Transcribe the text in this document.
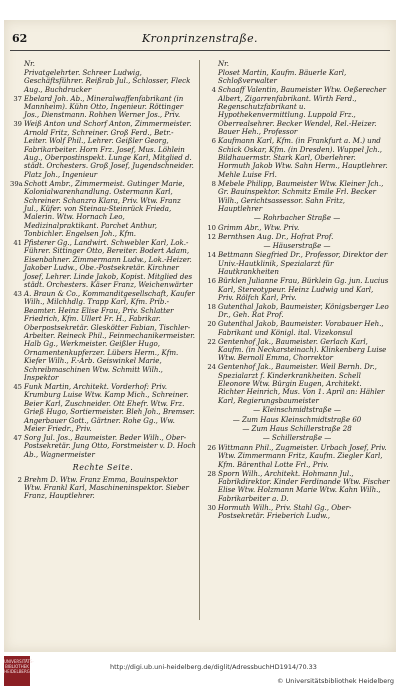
62	Kronprinzenstraße.
Nr.
Privatgelehrter. Schreer Ludwig, Geschäftsführer. Reißrab Jul., Schlosser, Fleck Aug., Buchdrucker
37 Ebelard Joh. Ab., Mineralwaffenfabrikant (in Mannheim). Kühn Otto, Ingenieur. Röttinger Jos., Dienstmann. Rohhen Werner Jos., Priv.
39 Weiß Anton und Schorf Anton, Zimmermeister. Arnold Fritz, Schreiner. Groß Ferd., Betr.-Leiter. Wolf Phil., Lehrer. Geißler Georg, Fabrikarbeiter. Horn Frz. Josef, Mus. Löhlein Aug., Oberpostinspekt. Lunge Karl, Mitglied d. städt. Orchesters. Groß Josef, Jugendschneider. Platz Joh., Ingenieur
39a Schott Ambr., Zimmermeist. Gutinger Marie, Kolonialwarenhandlung. Ostermann Karl, Schreiner. Schanzro Klara, Priv. Wtw. Franz Jul., Küfer. von Steinau-Steinrück Frieda, Malerin. Wtw. Hornach Leo, Medizinalpraktikant. Parchet Anthur, Tonbichler. Engelsen Joh., Kfm.
41 Pfisterer Gg., Landwirt. Schwebler Karl, Lok.-Führer. Sittinger Otto, Bereiter. Bodert Adam, Eisenbahner. Zimmermann Ludw., Lok.-Heizer. Jakober Ludw., Obe.-Postsekretär. Kirchner Josef, Lehrer. Linde Jakob, Kopist. Mitglied des städt. Orchesters. Käser Franz, Weichenwärter
43 A. Braun & Co., Kommanditgesellschaft, Kaufer Wilh., Milchhdlg. Trapp Karl, Kfm. Prib.-Beamter. Heinz Elise Frau, Priv. Schlatter Friedrich, Kfm. Ullert Fr. H., Fabrikar. Oberpostsekretär. Gleskötter Fabian, Tischler-Arbeiter. Reineck Phil., Feinmechanikermeister. Halb Gg., Werkmeister. Geißler Hugo, Ornamentenkupferzer. Lübers Herm., Kfm. Kiefer Wilh., F.-Arb. Geiswinkel Marie, Schreibmaschinen Wtw. Schmitt Wilh., Inspektor
45 Funk Martin, Architekt. Vorderhof: Priv. Krumburg Luise Wtw. Kamp Mich., Schreiner. Beier Karl, Zuschneider. Ott Ehefr. Wtw. Frz. Grieß Hugo, Sortiermeister. Bleh Joh., Bremser. Angerbauer Gott., Gärtner. Rohe Gg., Ww. Meier Friedr., Priv.
47 Sorg Jul. Jos., Baumeister. Beder Wilh., Ober-Postsekretär. Jung Otto, Forstmeister v. D. Hoch Ab., Wagnermeister
Rechte Seite.
2 Brehm D. Wtw. Franz Emma, Bauinspektor Wtw. Frankl Karl, Maschineninspektor. Sieber Franz, Hauptlehrer.
Nr.
Ploset Martin, Kaufm. Bäuerle Karl, Schloßverwalter
4 Schaaff Valentin, Baumeister Wtw. Oeßerecher Albert, Zigarrenfabrikant. Wirth Ferd., Regenschutzfabrikant u. Hypothekenvermittlung. Luppold Frz., Oberrealsehrer. Becker Wendel, Rel.-Heizer. Bauer Heh., Professor
6 Kaufmann Karl, Kfm. (in Frankfurt a. M.) und Schick Oskar, Kfm. (in Dresden). Wuppel Jch., Bildhauermstr. Stark Karl, Oberlehrer. Hormuth Jakob Wtw. Sahn Herm., Hauptlehrer. Mehle Luise Frl.
8 Mebele Philipp, Baumeister Wtw. Kleiner Jch., Gr. Bauinspektor. Schmitz Emile Frl. Becker Wilh., Gerichtsassessor. Sahn Fritz, Hauptlehrer
— Rohrbacher Straße —
10 Grimm Abr., Wtw. Priv.
12 Bernthsen Aug. Dr., Hofrat Prof.
— Häuserstraße —
14 Bettmann Siegfried Dr., Professor, Direktor der Univ.-Hautklinik, Spezialarzt für Hautkrankheiten
16 Bürklen Julianne Frau, Bürklein Gg. jun. Lucius Karl, Stereotypeur. Heinz Ludwig und Karl, Priv. Rölfch Karl, Priv.
18 Gutenthal Jakob, Baumeister, Königsberger Leo Dr., Geh. Rat Prof.
20 Gutenthal Jakob, Baumeister. Vorabauer Heh., Fabrikant und Königl. ital. Vizekonsul
22 Gentenhof Jak., Baumeister. Gerlach Karl, Kaufm. (in Neckarsteinach). Klinkenberg Luise Wtw. Bernoll Emma, Chorrektor
24 Gentenhof Jak., Baumeister. Weil Bernh. Dr., Spezialarzt f. Kinderkrankheiten. Schell Eleonore Wtw. Bürgin Eugen, Architekt. Richter Heinrich, Mus. Von 1. April an: Hähler Karl, Regierungsbaumeister
— Kleinschmidtstraße —
— Zum Haus Kleinschmidtstraße 60
— Zum Haus Schillerstraße 28
— Schillerstraße —
26 Wittmann Phil., Zugmeister. Urbach Josef, Priv. Wtw. Zimmermann Fritz, Kaufm. Ziegler Karl, Kfm. Bärenthal Lotte Frl., Priv.
28 Sporn Wilh., Architekt. Hohmann Jul., Fabrikdirektor. Kinder Ferdinande Wtw. Fischer Elise Wtw. Holzmann Marie Wtw. Kahn Wilh., Fabrikarbeiter a. D.
30 Hormuth Wilh., Priv. Stahl Gg., Ober-Postsekretär. Frieberich Ludw.,
UNIVERSITÄTS-BIBLIOTHEK HEIDELBERG
http://digi.ub.uni-heidelberg.de/diglit/AdressbuchHD1914/70.33
© Universitätsbibliothek Heidelberg
